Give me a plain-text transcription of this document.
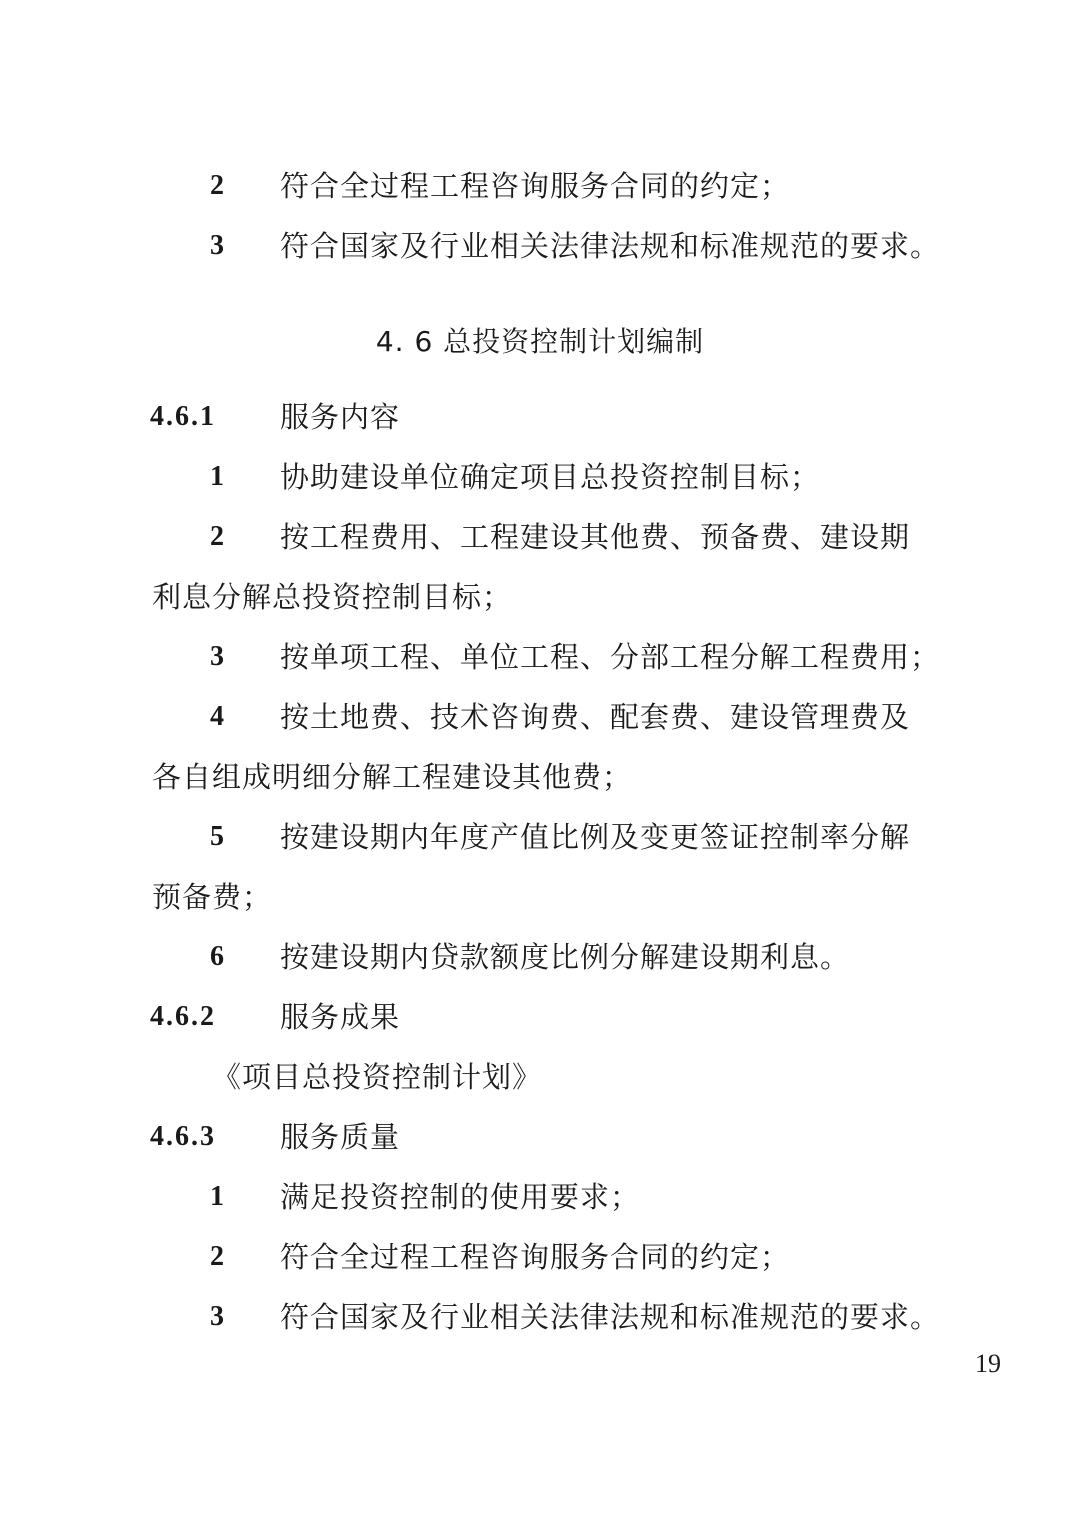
2 符合全过程工程咨询服务合同的约定；
3 符合国家及行业相关法律法规和标准规范的要求。
4. 6 总投资控制计划编制
4.6.1 服务内容
1 协助建设单位确定项目总投资控制目标；
2 按工程费用、工程建设其他费、预备费、建设期
利息分解总投资控制目标；
3 按单项工程、单位工程、分部工程分解工程费用；
4 按土地费、技术咨询费、配套费、建设管理费及
各自组成明细分解工程建设其他费；
5 按建设期内年度产值比例及变更签证控制率分解
预备费；
6 按建设期内贷款额度比例分解建设期利息。
4.6.2 服务成果
《项目总投资控制计划》
4.6.3 服务质量
1 满足投资控制的使用要求；
2 符合全过程工程咨询服务合同的约定；
3 符合国家及行业相关法律法规和标准规范的要求。
19
